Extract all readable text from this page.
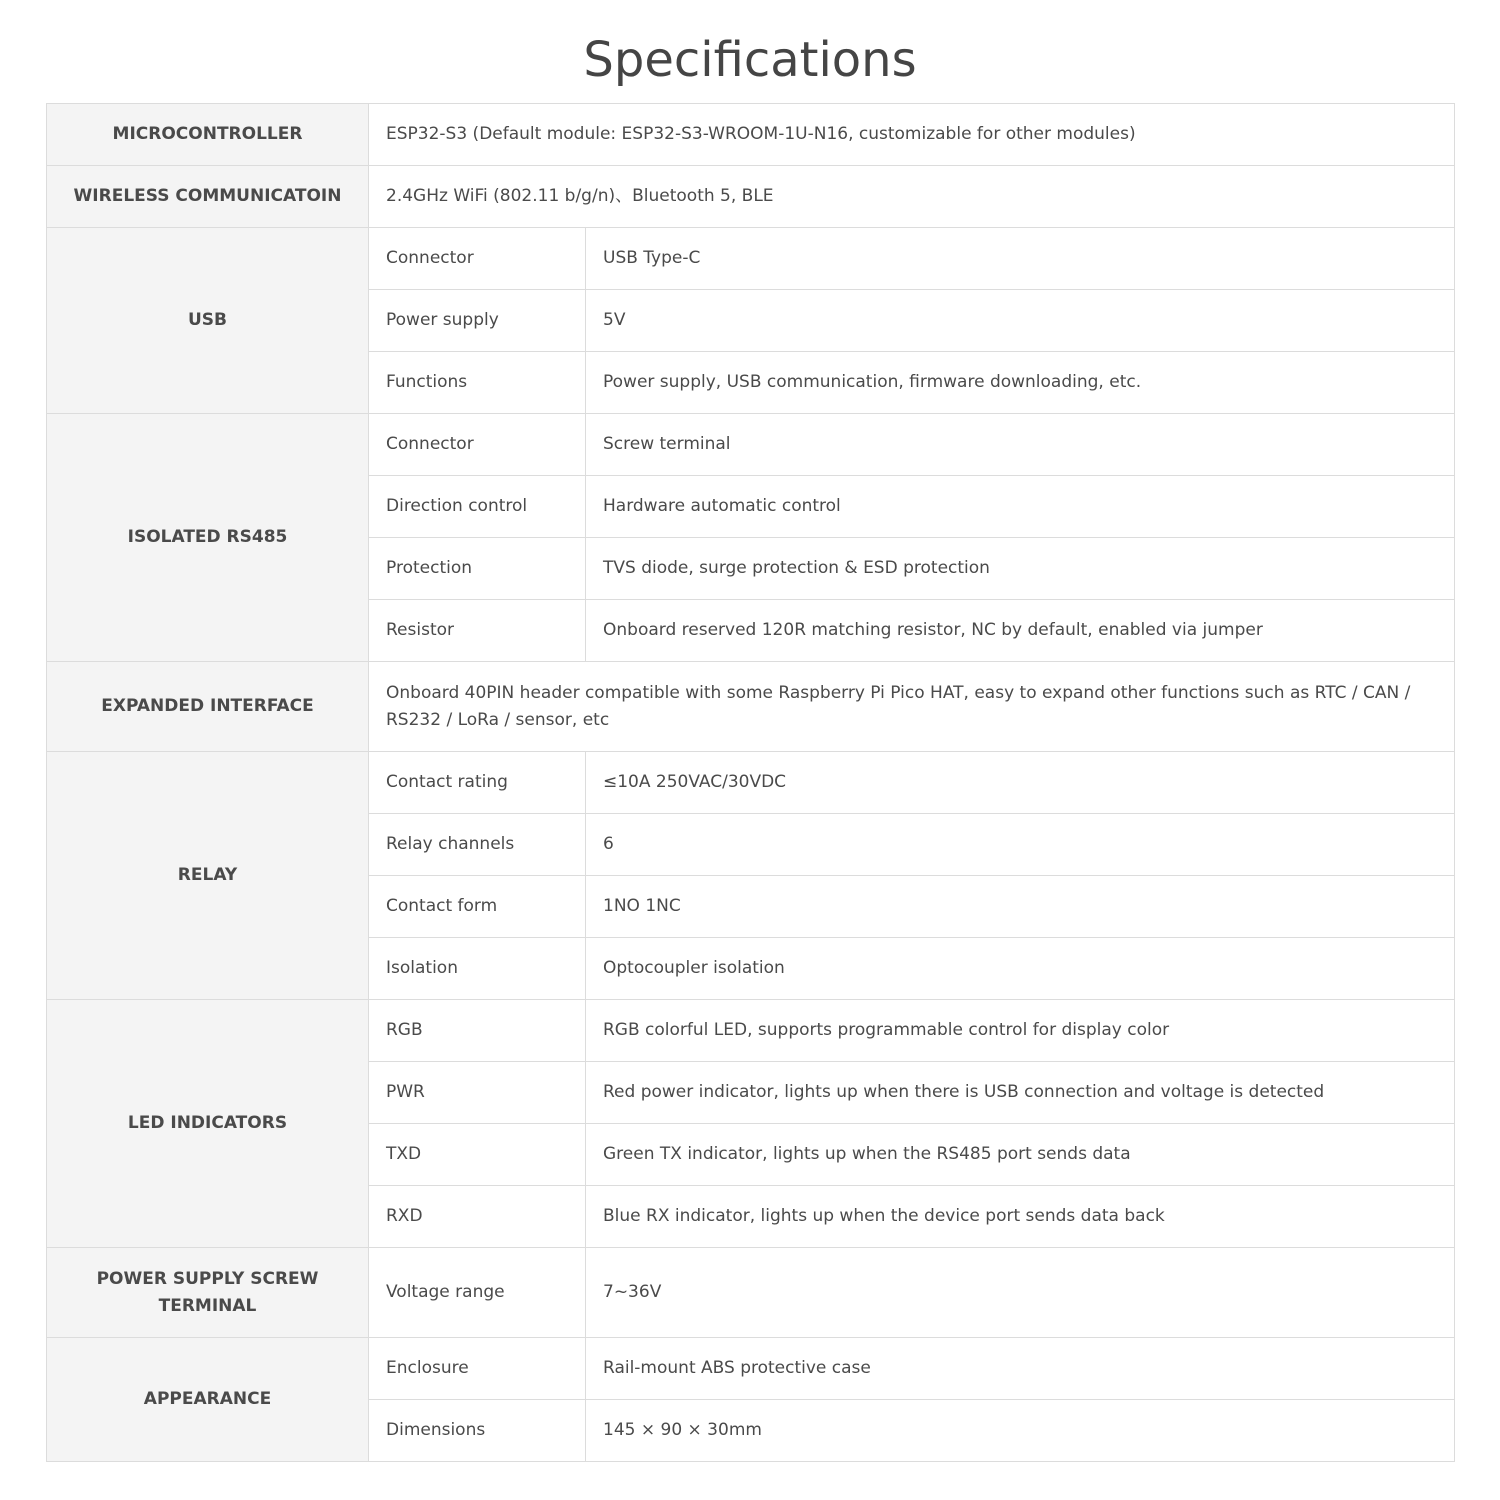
Specifications
MICROCONTROLLER	ESP32-S3 (Default module: ESP32-S3-WROOM-1U-N16, customizable for other modules)	
WIRELESS COMMUNICATOIN	2.4GHz WiFi (802.11 b/g/n)、Bluetooth 5, BLE	
USB	Connector	USB Type-C
	Power supply	5V
	Functions	Power supply, USB communication, firmware downloading, etc.
ISOLATED RS485	Connector	Screw terminal
	Direction control	Hardware automatic control
	Protection	TVS diode, surge protection & ESD protection
	Resistor	Onboard reserved 120R matching resistor, NC by default, enabled via jumper
EXPANDED INTERFACE	Onboard 40PIN header compatible with some Raspberry Pi Pico HAT, easy to expand other functions such as RTC / CAN / RS232 / LoRa / sensor, etc	
RELAY	Contact rating	≤10A 250VAC/30VDC
	Relay channels	6
	Contact form	1NO 1NC
	Isolation	Optocoupler isolation
LED INDICATORS	RGB	RGB colorful LED, supports programmable control for display color
	PWR	Red power indicator, lights up when there is USB connection and voltage is detected
	TXD	Green TX indicator, lights up when the RS485 port sends data
	RXD	Blue RX indicator, lights up when the device port sends data back
POWER SUPPLY SCREW TERMINAL	Voltage range	7~36V
APPEARANCE	Enclosure	Rail-mount ABS protective case
	Dimensions	145 × 90 × 30mm
